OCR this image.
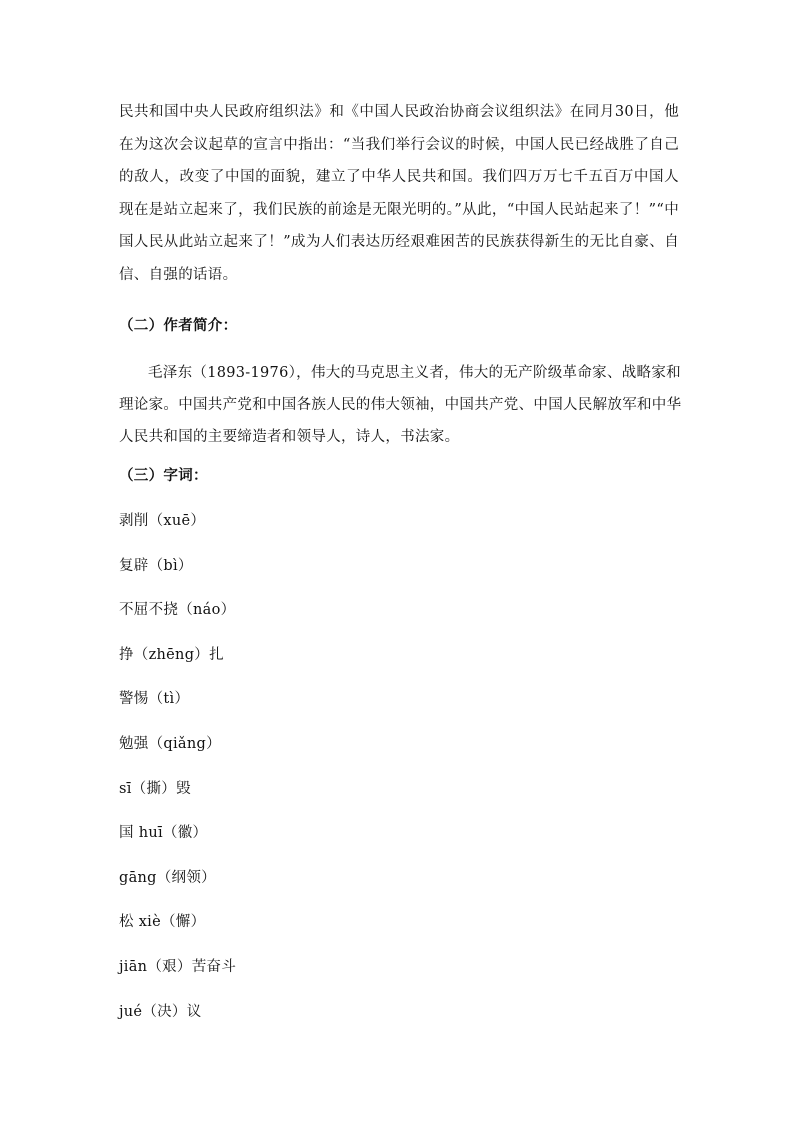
民共和国中央人民政府组织法》和《中国人民政治协商会议组织法》在同月30日，他在为这次会议起草的宣言中指出：“当我们举行会议的时候，中国人民已经战胜了自己的敌人，改变了中国的面貌，建立了中华人民共和国。我们四万万七千五百万中国人现在是站立起来了，我们民族的前途是无限光明的。”从此，“中国人民站起来了！”“中国人民从此站立起来了！”成为人们表达历经艰难困苦的民族获得新生的无比自豪、自信、自强的话语。

（二）作者简介：

毛泽东（1893-1976），伟大的马克思主义者，伟大的无产阶级革命家、战略家和理论家。中国共产党和中国各族人民的伟大领袖，中国共产党、中国人民解放军和中华人民共和国的主要缔造者和领导人，诗人，书法家。

（三）字词：
剥削（xuē）
复辟（bì）
不屈不挠（náo）
挣（zhēng）扎
警惕（tì）
勉强（qiǎng）
sī（撕）毁
国 huī（徽）
gāng（纲领）
松 xiè（懈）
jiān（艰）苦奋斗
jué（决）议
